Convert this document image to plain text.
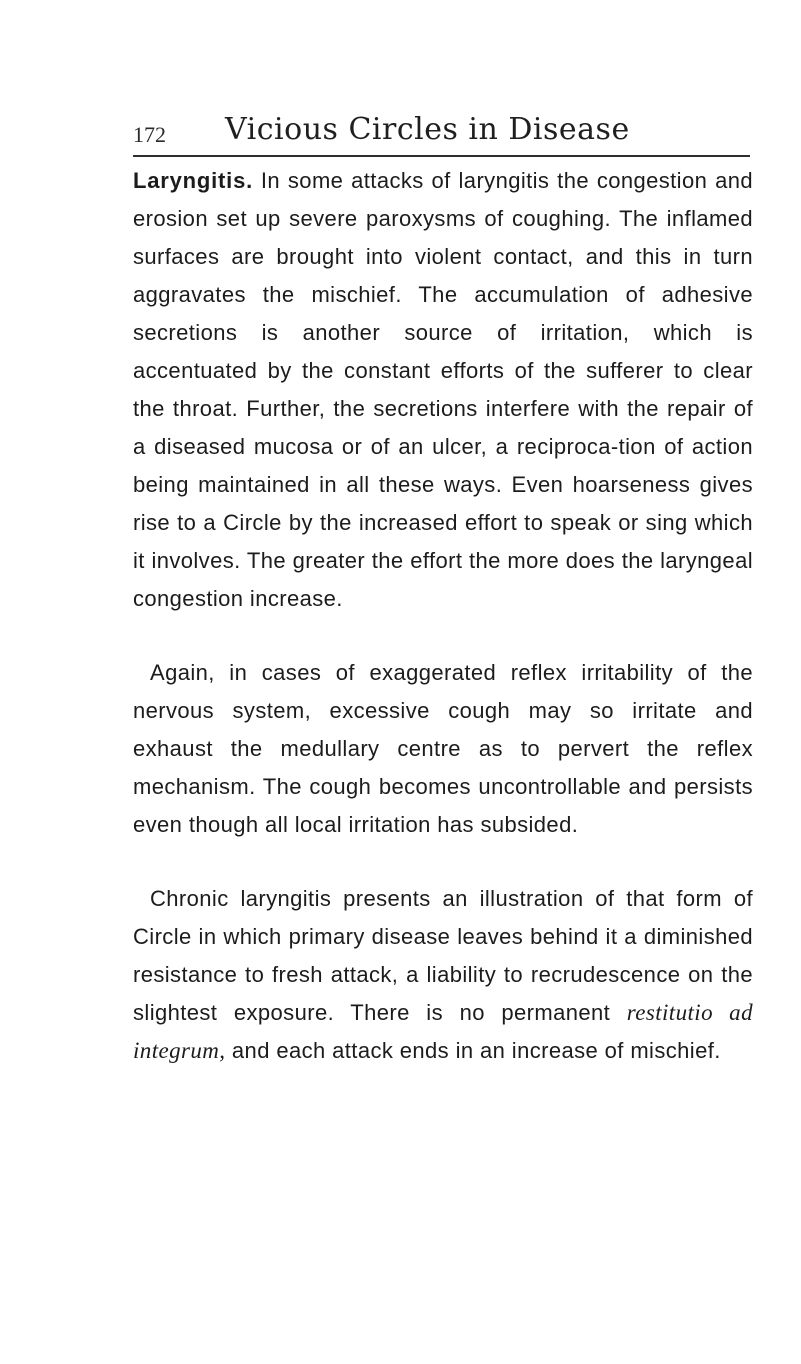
172 Vicious Circles in Disease

Laryngitis. In some attacks of laryngitis the congestion and erosion set up severe paroxysms of coughing. The inflamed surfaces are brought into violent contact, and this in turn aggravates the mischief. The accumulation of adhesive secretions is another source of irritation, which is accentuated by the constant efforts of the sufferer to clear the throat. Further, the secretions interfere with the repair of a diseased mucosa or of an ulcer, a reciproca-tion of action being maintained in all these ways. Even hoarseness gives rise to a Circle by the increased effort to speak or sing which it involves. The greater the effort the more does the laryngeal congestion increase.

Again, in cases of exaggerated reflex irritability of the nervous system, excessive cough may so irritate and exhaust the medullary centre as to pervert the reflex mechanism. The cough becomes uncontrollable and persists even though all local irritation has subsided.

Chronic laryngitis presents an illustration of that form of Circle in which primary disease leaves behind it a diminished resistance to fresh attack, a liability to recrudescence on the slightest exposure. There is no permanent restitutio ad integrum, and each attack ends in an increase of mischief.
